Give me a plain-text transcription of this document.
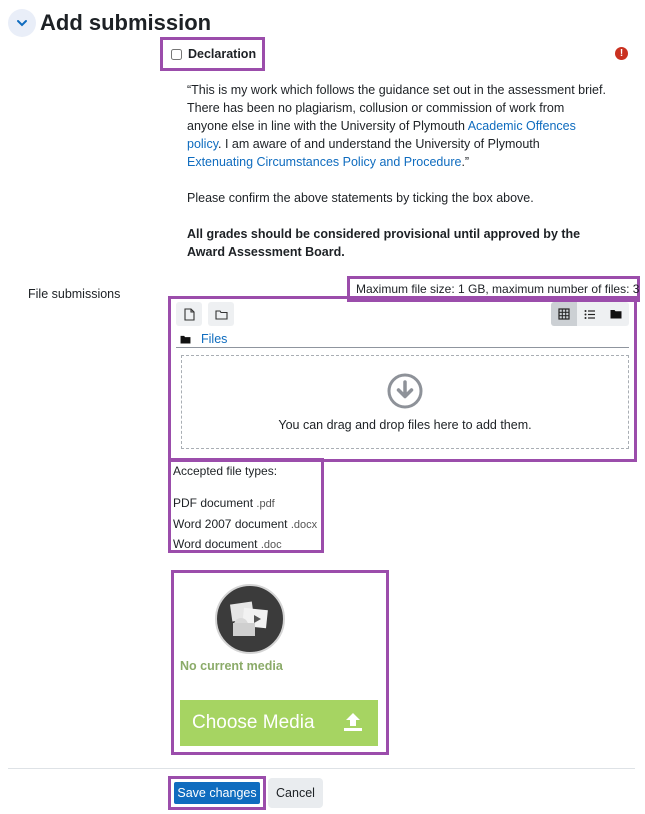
Add submission
Declaration	!
“This is my work which follows the guidance set out in the assessment brief. There has been no plagiarism, collusion or commission of work from anyone else in line with the University of Plymouth Academic Offences policy. I am aware of and understand the University of Plymouth Extenuating Circumstances Policy and Procedure.”
Please confirm the above statements by ticking the box above.
All grades should be considered provisional until approved by the Award Assessment Board.
File submissions	Maximum file size: 1 GB, maximum number of files: 3
Files
You can drag and drop files here to add them.
Accepted file types:
PDF document .pdf
Word 2007 document .docx
Word document .doc
No current media
Choose Media
Save changes	Cancel
